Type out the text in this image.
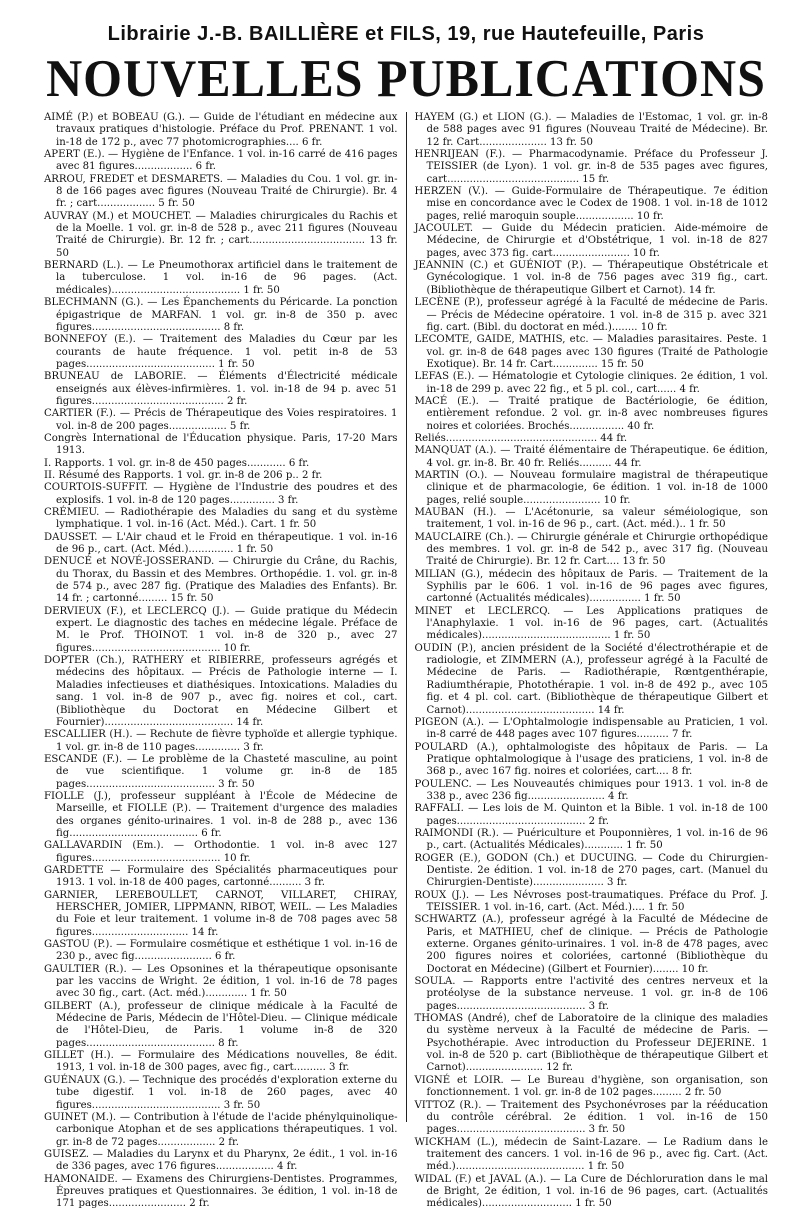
Librairie J.-B. BAILLIÈRE et FILS, 19, rue Hautefeuille, Paris
NOUVELLES PUBLICATIONS

AIMÉ (P.) et BOBEAU (G.). — Guide de l'étudiant en médecine aux travaux pratiques d'histologie. Préface du Prof. PRENANT. 1 vol. in-18 de 172 p., avec 77 photomicrographies.... 6 fr.

APERT (E.). — Hygiène de l'Enfance. 1 vol. in-16 carré de 416 pages avec 81 figures.................. 6 fr.

ARROU, FREDET et DESMARETS. — Maladies du Cou. 1 vol. gr. in-8 de 166 pages avec figures (Nouveau Traité de Chirurgie). Br. 4 fr. ; cart.................. 5 fr. 50

AUVRAY (M.) et MOUCHET. — Maladies chirurgicales du Rachis et de la Moelle. 1 vol. gr. in-8 de 528 p., avec 211 figures (Nouveau Traité de Chirurgie). Br. 12 fr. ; cart.................................... 13 fr. 50

BERNARD (L.). — Le Pneumothorax artificiel dans le traitement de la tuberculose. 1 vol. in-16 de 96 pages. (Act. médicales)........................................ 1 fr. 50

BLECHMANN (G.). — Les Épanchements du Péricarde. La ponction épigastrique de MARFAN. 1 vol. gr. in-8 de 350 p. avec figures........................................ 8 fr.

BONNEFOY (E.). — Traitement des Maladies du Cœur par les courants de haute fréquence. 1 vol. petit in-8 de 53 pages........................................ 1 fr. 50

BRUNEAU de LABORIE. — Éléments d'Électricité médicale enseignés aux élèves-infirmières. 1. vol. in-18 de 94 p. avec 51 figures......................................... 2 fr.

CARTIER (F.). — Précis de Thérapeutique des Voies respiratoires. 1 vol. in-8 de 200 pages.................. 5 fr.

Congrès International de l'Éducation physique. Paris, 17-20 Mars 1913.

I. Rapports. 1 vol. gr. in-8 de 450 pages............ 6 fr.

II. Résumé des Rapports. 1 vol. gr. in-8 de 206 p.. 2 fr.

COURTOIS-SUFFIT. — Hygiène de l'Industrie des poudres et des explosifs. 1 vol. in-8 de 120 pages.............. 3 fr.

CRÉMIEU. — Radiothérapie des Maladies du sang et du système lymphatique. 1 vol. in-16 (Act. Méd.). Cart. 1 fr. 50

DAUSSET. — L'Air chaud et le Froid en thérapeutique. 1 vol. in-16 de 96 p., cart. (Act. Méd.).............. 1 fr. 50

DENUCÉ et NOVÉ-JOSSERAND. — Chirurgie du Crâne, du Rachis, du Thorax, du Bassin et des Membres. Orthopédie. 1. vol. gr. in-8 de 574 p., avec 287 fig. (Pratique des Maladies des Enfants). Br. 14 fr. ; cartonné......... 15 fr. 50

DERVIEUX (F.), et LECLERCQ (J.). — Guide pratique du Médecin expert. Le diagnostic des taches en médecine légale. Préface de M. le Prof. THOINOT. 1 vol. in-8 de 320 p., avec 27 figures........................................ 10 fr.

DOPTER (Ch.), RATHERY et RIBIERRE, professeurs agrégés et médecins des hôpitaux. — Précis de Pathologie interne — I. Maladies infectieuses et diathésiques. Intoxications. Maladies du sang. 1 vol. in-8 de 907 p., avec fig. noires et col., cart. (Bibliothèque du Doctorat en Médecine Gilbert et Fournier)........................................ 14 fr.

ESCALLIER (H.). — Rechute de fièvre typhoïde et allergie typhique. 1 vol. gr. in-8 de 110 pages.............. 3 fr.

ESCANDE (F.). — Le problème de la Chasteté masculine, au point de vue scientifique. 1 volume gr. in-8 de 185 pages........................................ 3 fr. 50

FIOLLE (J.), professeur suppléant à l'École de Médecine de Marseille, et FIOLLE (P.). — Traitement d'urgence des maladies des organes génito-urinaires. 1 vol. in-8 de 288 p., avec 136 fig........................................ 6 fr.

GALLAVARDIN (Em.). — Orthodontie. 1 vol. in-8 avec 127 figures........................................ 10 fr.

GARDETTE — Formulaire des Spécialités pharmaceutiques pour 1913. 1 vol. in-18 de 400 pages, cartonné.......... 3 fr.

GARNIER, LEREBOULLET, CARNOT, VILLARET, CHIRAY, HERSCHER, JOMIER, LIPPMANN, RIBOT, WEIL. — Les Maladies du Foie et leur traitement. 1 volume in-8 de 708 pages avec 58 figures.............................. 14 fr.

GASTOU (P.). — Formulaire cosmétique et esthétique 1 vol. in-16 de 230 p., avec fig........................ 6 fr.

GAULTIER (R.). — Les Opsonines et la thérapeutique opsonisante par les vaccins de Wright. 2e édition, 1 vol. in-16 de 78 pages avec 30 fig., cart. (Act. méd.)............. 1 fr. 50

GILBERT (A.), professeur de clinique médicale à la Faculté de Médecine de Paris, Médecin de l'Hôtel-Dieu. — Clinique médicale de l'Hôtel-Dieu, de Paris. 1 volume in-8 de 320 pages........................................ 8 fr.

GILLET (H.). — Formulaire des Médications nouvelles, 8e édit. 1913, 1 vol. in-18 de 300 pages, avec fig., cart.......... 3 fr.

GUÉNAUX (G.). — Technique des procédés d'exploration externe du tube digestif. 1 vol. in-18 de 260 pages, avec 40 figures........................................ 3 fr. 50

GUINET (M.). — Contribution à l'étude de l'acide phénylquinolique-carbonique Atophan et de ses applications thérapeutiques. 1 vol. gr. in-8 de 72 pages.................. 2 fr.

GUISEZ. — Maladies du Larynx et du Pharynx, 2e édit., 1 vol. in-16 de 336 pages, avec 176 figures.................. 4 fr.

HAMONAIDE. — Examens des Chirurgiens-Dentistes. Programmes, Épreuves pratiques et Questionnaires. 3e édition, 1 vol. in-18 de 171 pages........................ 2 fr.

HAYEM (G.) et LION (G.). — Maladies de l'Estomac, 1 vol. gr. in-8 de 588 pages avec 91 figures (Nouveau Traité de Médecine). Br. 12 fr. Cart..................... 13 fr. 50

HENRIJEAN (F.). — Pharmacodynamie. Préface du Professeur J. TEISSIER (de Lyon). 1 vol. gr. in-8 de 535 pages avec figures, cart......................................... 15 fr.

HERZEN (V.). — Guide-Formulaire de Thérapeutique. 7e édition mise en concordance avec le Codex de 1908. 1 vol. in-18 de 1012 pages, relié maroquin souple.................. 10 fr.

JACOULET. — Guide du Médecin praticien. Aide-mémoire de Médecine, de Chirurgie et d'Obstétrique, 1 vol. in-18 de 827 pages, avec 373 fig. cart........................ 10 fr.

JEANNIN (C.) et GUÉNIOT (P.). — Thérapeutique Obstétricale et Gynécologique. 1 vol. in-8 de 756 pages avec 319 fig., cart. (Bibliothèque de thérapeutique Gilbert et Carnot). 14 fr.

LECÈNE (P.), professeur agrégé à la Faculté de médecine de Paris. — Précis de Médecine opératoire. 1 vol. in-8 de 315 p. avec 321 fig. cart. (Bibl. du doctorat en méd.)........ 10 fr.

LECOMTE, GAIDE, MATHIS, etc. — Maladies parasitaires. Peste. 1 vol. gr. in-8 de 648 pages avec 130 figures (Traité de Pathologie Exotique). Br. 14 fr. Cart.............. 15 fr. 50

LEFAS (E.). — Hématologie et Cytologie cliniques. 2e édition, 1 vol. in-18 de 299 p. avec 22 fig., et 5 pl. col., cart...... 4 fr.

MACÉ (E.). — Traité pratique de Bactériologie, 6e édition, entièrement refondue. 2 vol. gr. in-8 avec nombreuses figures noires et coloriées. Brochés................. 40 fr.

Reliés............................................... 44 fr.

MANQUAT (A.). — Traité élémentaire de Thérapeutique. 6e édition, 4 vol. gr. in-8. Br. 40 fr. Reliés.......... 44 fr.

MARTIN (O.). — Nouveau formulaire magistral de thérapeutique clinique et de pharmacologie, 6e édition. 1 vol. in-18 de 1000 pages, relié souple........................ 10 fr.

MAUBAN (H.). — L'Acétonurie, sa valeur séméiologique, son traitement, 1 vol. in-16 de 96 p., cart. (Act. méd.).. 1 fr. 50

MAUCLAIRE (Ch.). — Chirurgie générale et Chirurgie orthopédique des membres. 1 vol. gr. in-8 de 542 p., avec 317 fig. (Nouveau Traité de Chirurgie). Br. 12 fr. Cart.... 13 fr. 50

MILIAN (G.), médecin des hôpitaux de Paris. — Traitement de la Syphilis par le 606. 1 vol. in-16 de 96 pages avec figures, cartonné (Actualités médicales)................ 1 fr. 50

MINET et LECLERCQ. — Les Applications pratiques de l'Anaphylaxie. 1 vol. in-16 de 96 pages, cart. (Actualités médicales)........................................ 1 fr. 50

OUDIN (P.), ancien président de la Société d'électrothérapie et de radiologie, et ZIMMERN (A.), professeur agrégé à la Faculté de Médecine de Paris. — Radiothérapie, Rœntgenthérapie, Radiumthérapie, Photothérapie. 1 vol. in-8 de 492 p., avec 105 fig. et 4 pl. col. cart. (Bibliothèque de thérapeutique Gilbert et Carnot)........................................ 14 fr.

PIGEON (A.). — L'Ophtalmologie indispensable au Praticien, 1 vol. in-8 carré de 448 pages avec 107 figures.......... 7 fr.

POULARD (A.), ophtalmologiste des hôpitaux de Paris. — La Pratique ophtalmologique à l'usage des praticiens, 1 vol. in-8 de 368 p., avec 167 fig. noires et coloriées, cart.... 8 fr.

POULENC. — Les Nouveautés chimiques pour 1913. 1 vol. in-8 de 338 p., avec 236 fig........................ 4 fr.

RAFFALI. — Les lois de M. Quinton et la Bible. 1 vol. in-18 de 100 pages........................................ 2 fr.

RAIMONDI (R.). — Puériculture et Pouponnières, 1 vol. in-16 de 96 p., cart. (Actualités Médicales)............ 1 fr. 50

ROGER (E.), GODON (Ch.) et DUCUING. — Code du Chirurgien-Dentiste. 2e édition. 1 vol. in-18 de 270 pages, cart. (Manuel du Chirurgien-Dentiste)...................... 3 fr.

ROUX (J.). — Les Névroses post-traumatiques. Préface du Prof. J. TEISSIER. 1 vol. in-16, cart. (Act. Méd.).... 1 fr. 50

SCHWARTZ (A.), professeur agrégé à la Faculté de Médecine de Paris, et MATHIEU, chef de clinique. — Précis de Pathologie externe. Organes génito-urinaires. 1 vol. in-8 de 478 pages, avec 200 figures noires et coloriées, cartonné (Bibliothèque du Doctorat en Médecine) (Gilbert et Fournier)........ 10 fr.

SOULA. — Rapports entre l'activité des centres nerveux et la protéolyse de la substance nerveuse. 1 vol. gr. in-8 de 106 pages........................................ 3 fr.

THOMAS (André), chef de Laboratoire de la clinique des maladies du système nerveux à la Faculté de médecine de Paris. — Psychothérapie. Avec introduction du Professeur DEJERINE. 1 vol. in-8 de 520 p. cart (Bibliothèque de thérapeutique Gilbert et Carnot)........................ 12 fr.

VIGNÉ et LOIR. — Le Bureau d'hygiène, son organisation, son fonctionnement. 1 vol. gr. in-8 de 102 pages......... 2 fr. 50

VITTOZ (R.). — Traitement des Psychonévroses par la rééducation du contrôle cérébral. 2e édition. 1 vol. in-16 de 150 pages........................................ 3 fr. 50

WICKHAM (L.), médecin de Saint-Lazare. — Le Radium dans le traitement des cancers. 1 vol. in-16 de 96 p., avec fig. Cart. (Act. méd.)........................................ 1 fr. 50

WIDAL (F.) et JAVAL (A.). — La Cure de Déchloruration dans le mal de Bright, 2e édition, 1 vol. in-16 de 96 pages, cart. (Actualités médicales)............................ 1 fr. 50
